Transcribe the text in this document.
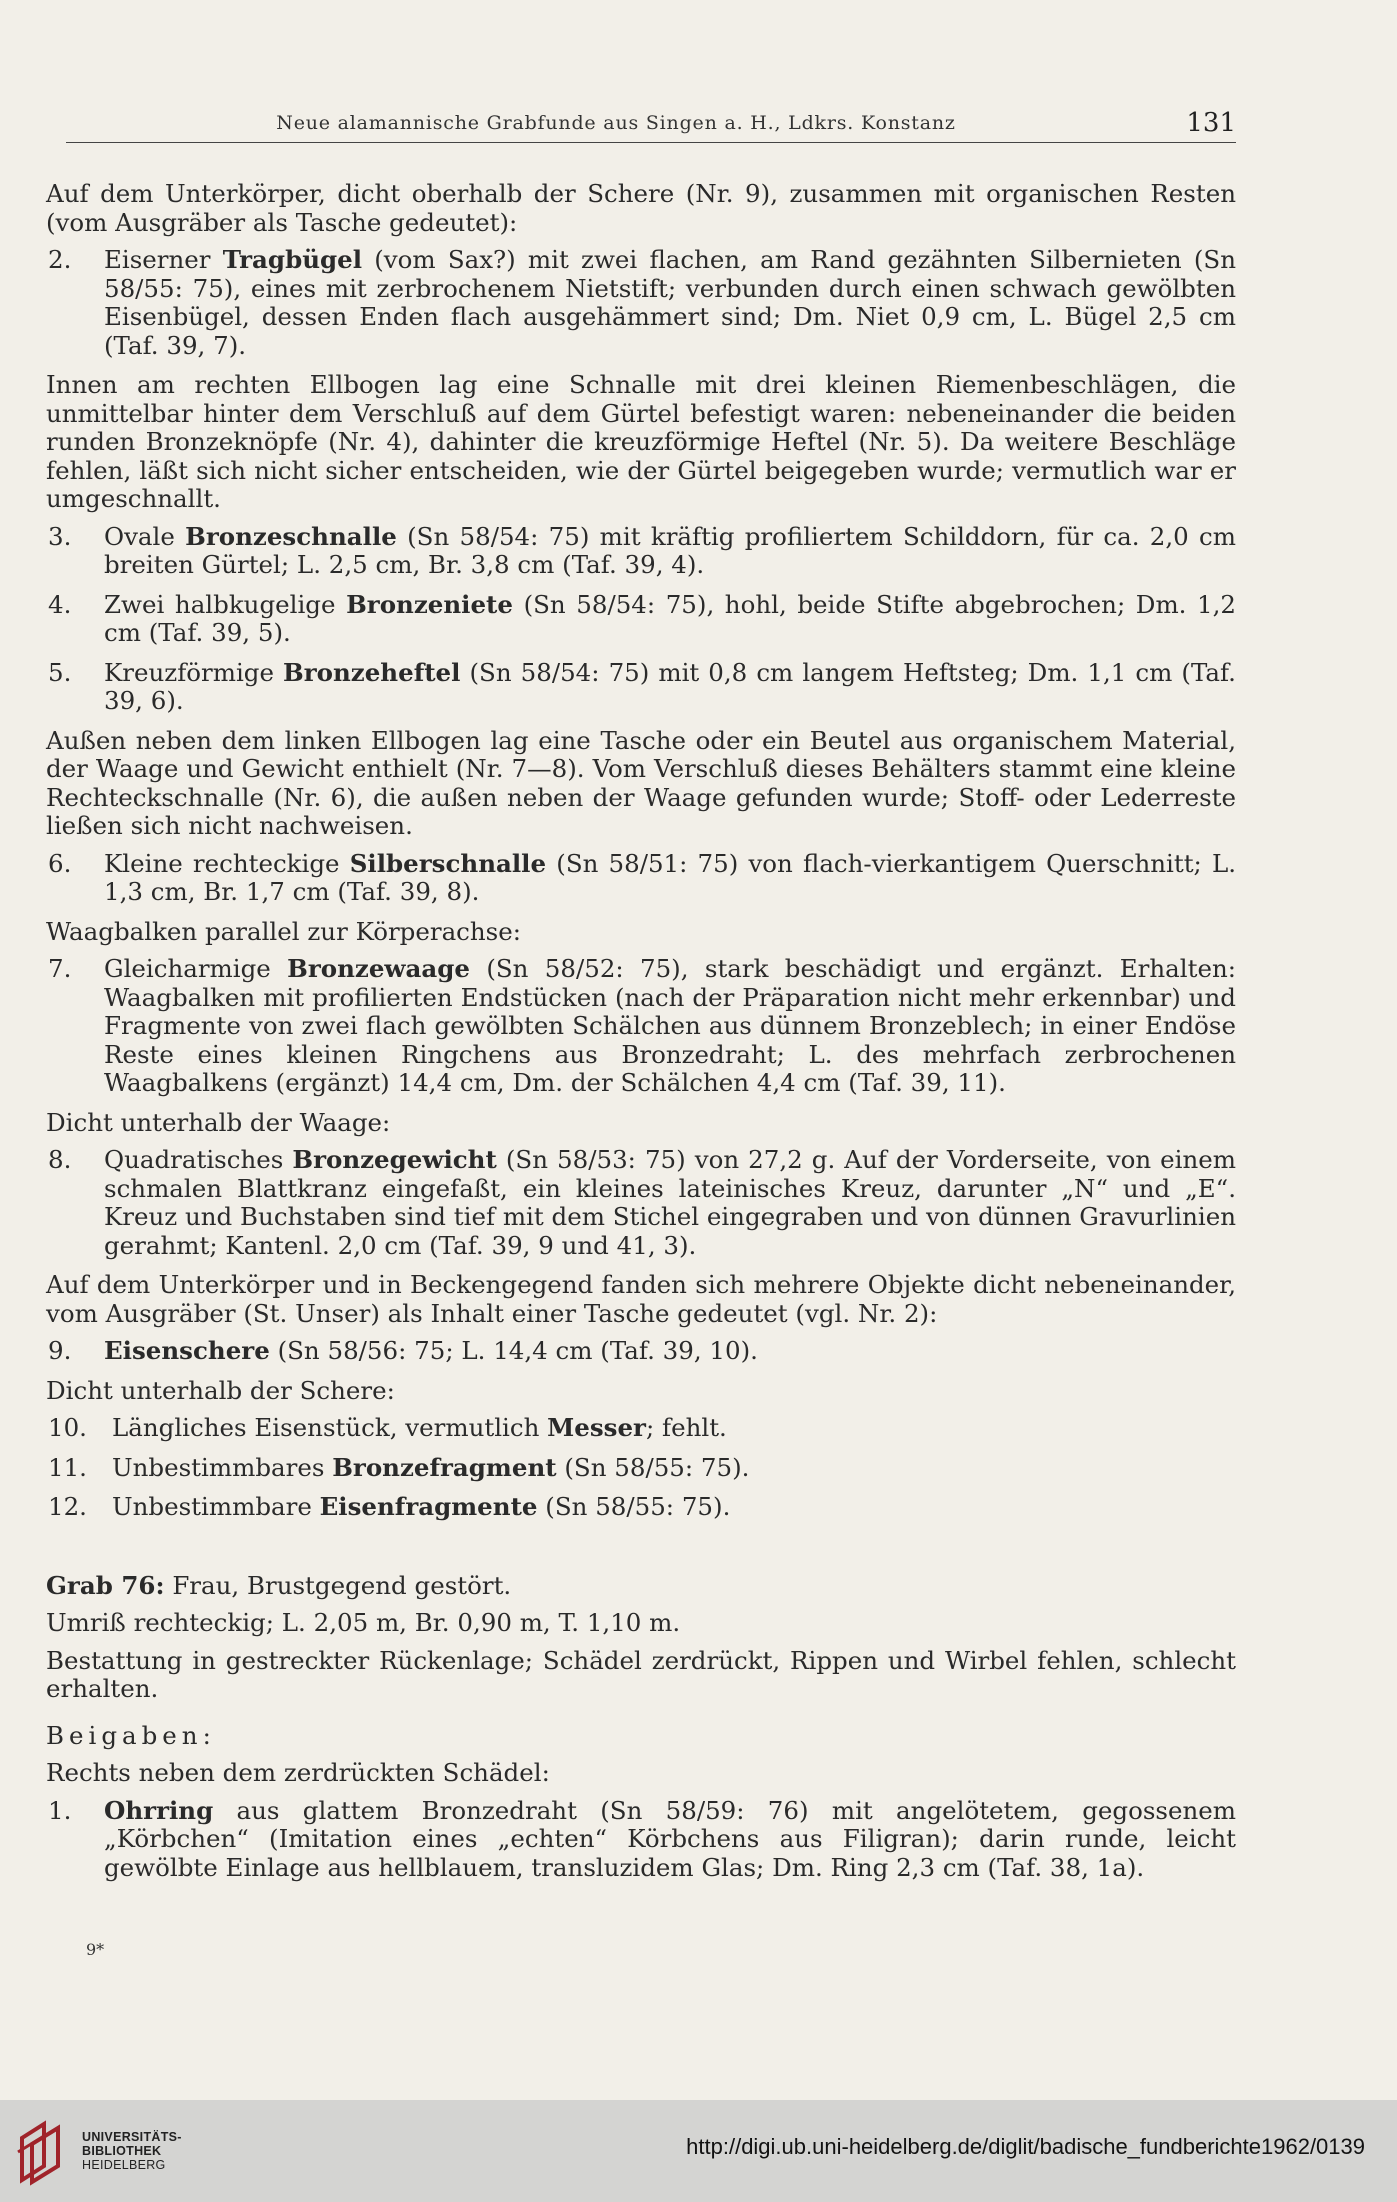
Neue alamannische Grabfunde aus Singen a. H., Ldkrs. Konstanz	131

Auf dem Unterkörper, dicht oberhalb der Schere (Nr. 9), zusammen mit organischen Resten (vom Ausgräber als Tasche gedeutet):

2. Eiserner Tragbügel (vom Sax?) mit zwei flachen, am Rand gezähnten Silbernieten (Sn 58/55: 75), eines mit zerbrochenem Nietstift; verbunden durch einen schwach gewölbten Eisenbügel, dessen Enden flach ausgehämmert sind; Dm. Niet 0,9 cm, L. Bügel 2,5 cm (Taf. 39, 7).

Innen am rechten Ellbogen lag eine Schnalle mit drei kleinen Riemenbeschlägen, die unmittelbar hinter dem Verschluß auf dem Gürtel befestigt waren: nebeneinander die beiden runden Bronzeknöpfe (Nr. 4), dahinter die kreuzförmige Heftel (Nr. 5). Da weitere Beschläge fehlen, läßt sich nicht sicher entscheiden, wie der Gürtel beigegeben wurde; vermutlich war er umgeschnallt.

3. Ovale Bronzeschnalle (Sn 58/54: 75) mit kräftig profiliertem Schilddorn, für ca. 2,0 cm breiten Gürtel; L. 2,5 cm, Br. 3,8 cm (Taf. 39, 4).

4. Zwei halbkugelige Bronzeniete (Sn 58/54: 75), hohl, beide Stifte abgebrochen; Dm. 1,2 cm (Taf. 39, 5).

5. Kreuzförmige Bronzeheftel (Sn 58/54: 75) mit 0,8 cm langem Heftsteg; Dm. 1,1 cm (Taf. 39, 6).

Außen neben dem linken Ellbogen lag eine Tasche oder ein Beutel aus organischem Material, der Waage und Gewicht enthielt (Nr. 7—8). Vom Verschluß dieses Behälters stammt eine kleine Rechteckschnalle (Nr. 6), die außen neben der Waage gefunden wurde; Stoff- oder Lederreste ließen sich nicht nachweisen.

6. Kleine rechteckige Silberschnalle (Sn 58/51: 75) von flach-vierkantigem Querschnitt; L. 1,3 cm, Br. 1,7 cm (Taf. 39, 8).

Waagbalken parallel zur Körperachse:

7. Gleicharmige Bronzewaage (Sn 58/52: 75), stark beschädigt und ergänzt. Erhalten: Waagbalken mit profilierten Endstücken (nach der Präparation nicht mehr erkennbar) und Fragmente von zwei flach gewölbten Schälchen aus dünnem Bronzeblech; in einer Endöse Reste eines kleinen Ringchens aus Bronzedraht; L. des mehrfach zerbrochenen Waagbalkens (ergänzt) 14,4 cm, Dm. der Schälchen 4,4 cm (Taf. 39, 11).

Dicht unterhalb der Waage:

8. Quadratisches Bronzegewicht (Sn 58/53: 75) von 27,2 g. Auf der Vorderseite, von einem schmalen Blattkranz eingefaßt, ein kleines lateinisches Kreuz, darunter „N“ und „E“. Kreuz und Buchstaben sind tief mit dem Stichel eingegraben und von dünnen Gravurlinien gerahmt; Kantenl. 2,0 cm (Taf. 39, 9 und 41, 3).

Auf dem Unterkörper und in Beckengegend fanden sich mehrere Objekte dicht nebeneinander, vom Ausgräber (St. Unser) als Inhalt einer Tasche gedeutet (vgl. Nr. 2):

9. Eisenschere (Sn 58/56: 75; L. 14,4 cm (Taf. 39, 10).

Dicht unterhalb der Schere:

10. Längliches Eisenstück, vermutlich Messer; fehlt.

11. Unbestimmbares Bronzefragment (Sn 58/55: 75).

12. Unbestimmbare Eisenfragmente (Sn 58/55: 75).

Grab 76: Frau, Brustgegend gestört.

Umriß rechteckig; L. 2,05 m, Br. 0,90 m, T. 1,10 m.

Bestattung in gestreckter Rückenlage; Schädel zerdrückt, Rippen und Wirbel fehlen, schlecht erhalten.

Beigaben:

Rechts neben dem zerdrückten Schädel:

1. Ohrring aus glattem Bronzedraht (Sn 58/59: 76) mit angelötetem, gegossenem „Körbchen“ (Imitation eines „echten“ Körbchens aus Filigran); darin runde, leicht gewölbte Einlage aus hellblauem, transluzidem Glas; Dm. Ring 2,3 cm (Taf. 38, 1a).

9*
UNIVERSITÄTS-
BIBLIOTHEK
HEIDELBERG
http://digi.ub.uni-heidelberg.de/diglit/badische_fundberichte1962/0139
